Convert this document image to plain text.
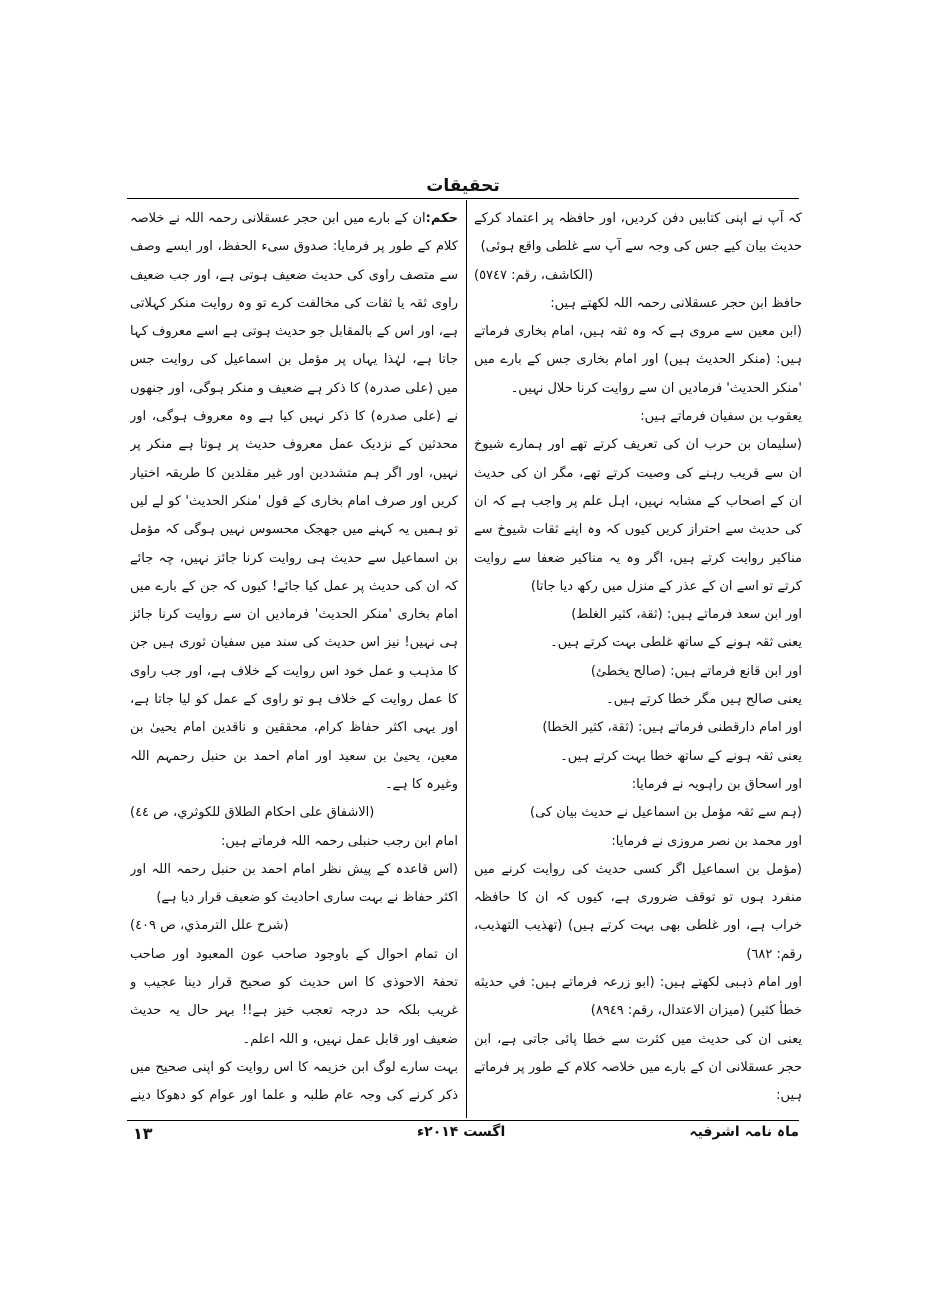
تحقیقات

کہ آپ نے اپنی کتابیں دفن کردیں، اور حافظہ پر اعتماد کرکے حدیث بیان کیے جس کی وجہ سے آپ سے غلطی واقع ہوئی)

(الکاشف، رقم: ٥٧٤٧)

حافظ ابن حجر عسقلانی رحمہ اللہ لکھتے ہیں:

(ابن معین سے مروی ہے کہ وہ ثقہ ہیں، امام بخاری فرماتے ہیں: (منکر الحدیث ہیں) اور امام بخاری جس کے بارے میں 'منکر الحدیث' فرمادیں ان سے روایت کرنا حلال نہیں۔

یعقوب بن سفیان فرماتے ہیں:

(سلیمان بن حرب ان کی تعریف کرتے تھے اور ہمارے شیوخ ان سے قریب رہنے کی وصیت کرتے تھے، مگر ان کی حدیث ان کے اصحاب کے مشابہ نہیں، اہل علم پر واجب ہے کہ ان کی حدیث سے احتراز کریں کیوں کہ وہ اپنے ثقات شیوخ سے مناکیر روایت کرتے ہیں، اگر وہ یہ مناکیر ضعفا سے روایت کرتے تو اسے ان کے عذر کے منزل میں رکھ دیا جاتا)

اور ابن سعد فرماتے ہیں: (ثقة، كثير الغلط)

یعنی ثقہ ہونے کے ساتھ غلطی بہت کرتے ہیں۔

اور ابن قانع فرماتے ہیں: (صالح يخطئ)

یعنی صالح ہیں مگر خطا کرتے ہیں۔

اور امام دارقطنی فرماتے ہیں: (ثقة، كثير الخطا)

یعنی ثقہ ہونے کے ساتھ خطا بہت کرتے ہیں۔

اور اسحاق بن راہویہ نے فرمایا:

(ہم سے ثقہ مؤمل بن اسماعیل نے حدیث بیان کی)

اور محمد بن نصر مروزی نے فرمایا:

(مؤمل بن اسماعیل اگر کسی حدیث کی روایت کرنے میں منفرد ہوں تو توقف ضروری ہے، کیوں کہ ان کا حافظہ خراب ہے، اور غلطی بھی بہت کرتے ہیں) (تهذيب التهذيب، رقم: ٦٨٢)

اور امام ذہبی لکھتے ہیں: (ابو زرعہ فرماتے ہیں: في حديثه خطأ كثير) (ميزان الاعتدال، رقم: ٨٩٤٩)

یعنی ان کی حدیث میں کثرت سے خطا پائی جاتی ہے، ابن حجر عسقلانی ان کے بارے میں خلاصہ کلام کے طور پر فرماتے ہیں:

حکم:ان کے بارے میں ابن حجر عسقلانی رحمہ اللہ نے خلاصہ کلام کے طور پر فرمایا: صدوق سیء الحفظ، اور ایسے وصف سے متصف راوی کی حدیث ضعیف ہوتی ہے، اور جب ضعیف راوی ثقہ یا ثقات کی مخالفت کرے تو وہ روایت منکر کہلاتی ہے، اور اس کے بالمقابل جو حدیث ہوتی ہے اسے معروف کہا جاتا ہے، لہٰذا یہاں پر مؤمل بن اسماعیل کی روایت جس میں (علی صدرہ) کا ذکر ہے ضعیف و منکر ہوگی، اور جنھوں نے (علی صدرہ) کا ذکر نہیں کیا ہے وہ معروف ہوگی، اور محدثین کے نزدیک عمل معروف حدیث پر ہوتا ہے منکر پر نہیں، اور اگر ہم متشددین اور غیر مقلدین کا طریقہ اختیار کریں اور صرف امام بخاری کے قول 'منکر الحدیث' کو لے لیں تو ہمیں یہ کہنے میں جھجک محسوس نہیں ہوگی کہ مؤمل بن اسماعیل سے حدیث ہی روایت کرنا جائز نہیں، چہ جائے کہ ان کی حدیث پر عمل کیا جائے! کیوں کہ جن کے بارے میں امام بخاری 'منکر الحدیث' فرمادیں ان سے روایت کرنا جائز ہی نہیں! نیز اس حدیث کی سند میں سفیان ثوری ہیں جن کا مذہب و عمل خود اس روایت کے خلاف ہے، اور جب راوی کا عمل روایت کے خلاف ہو تو راوی کے عمل کو لیا جاتا ہے، اور یہی اکثر حفاظ کرام، محققین و ناقدین امام یحییٰ بن معین، یحییٰ بن سعید اور امام احمد بن حنبل رحمہم اللہ وغیرہ کا ہے۔

(الاشفاق على احكام الطلاق للكوثري، ص ٤٤)

امام ابن رجب حنبلی رحمہ اللہ فرماتے ہیں:

(اس قاعدہ کے پیش نظر امام احمد بن حنبل رحمہ اللہ اور اکثر حفاظ نے بہت ساری احادیث کو ضعیف قرار دیا ہے)

(شرح علل الترمذي، ص ٤٠٩)

ان تمام احوال کے باوجود صاحب عون المعبود اور صاحب تحفۃ الاحوذی کا اس حدیث کو صحیح قرار دینا عجیب و غریب بلکہ حد درجہ تعجب خیز ہے!! بہر حال یہ حدیث ضعیف اور قابل عمل نہیں، و اللہ اعلم۔

بہت سارے لوگ ابن خزیمہ کا اس روایت کو اپنی صحیح میں ذکر کرنے کی وجہ عام طلبہ و علما اور عوام کو دھوکا دینے

ماہ نامہ اشرفیہ
اگست ۲۰۱۴ء
۱۳
